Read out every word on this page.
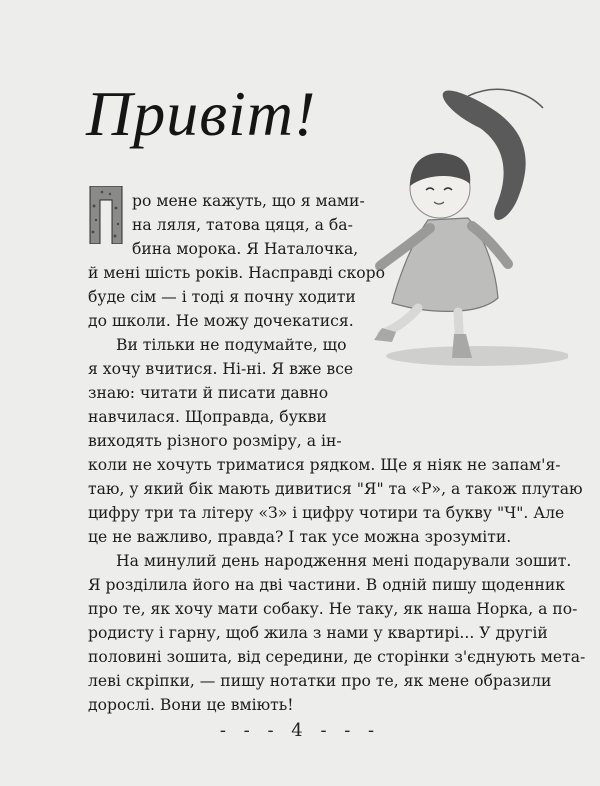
Привіт!
ро мене кажуть, що я мами-
на ляля, татова цяця, а ба-
бина морока. Я Наталочка,
й мені шість років. Насправді скоро
буде сім — і тоді я почну ходити
до школи. Не можу дочекатися.
Ви тільки не подумайте, що
я хочу вчитися. Ні-ні. Я вже все
знаю: читати й писати давно
навчилася. Щоправда, букви
виходять різного розміру, а ін-
коли не хочуть триматися рядком. Ще я ніяк не запам'я-
таю, у який бік мають дивитися "Я" та «Р», а також плутаю
цифру три та літеру «З» і цифру чотири та букву "Ч". Але
це не важливо, правда? І так усе можна зрозуміти.
На минулий день народження мені подарували зошит.
Я розділила його на дві частини. В одній пишу щоденник
про те, як хочу мати собаку. Не таку, як наша Норка, а по-
родисту і гарну, щоб жила з нами у квартирі... У другій
половині зошита, від середини, де сторінки з'єднують мета-
леві скріпки, — пишу нотатки про те, як мене образили
дорослі. Вони це вміють!
- - - 4 - - -
